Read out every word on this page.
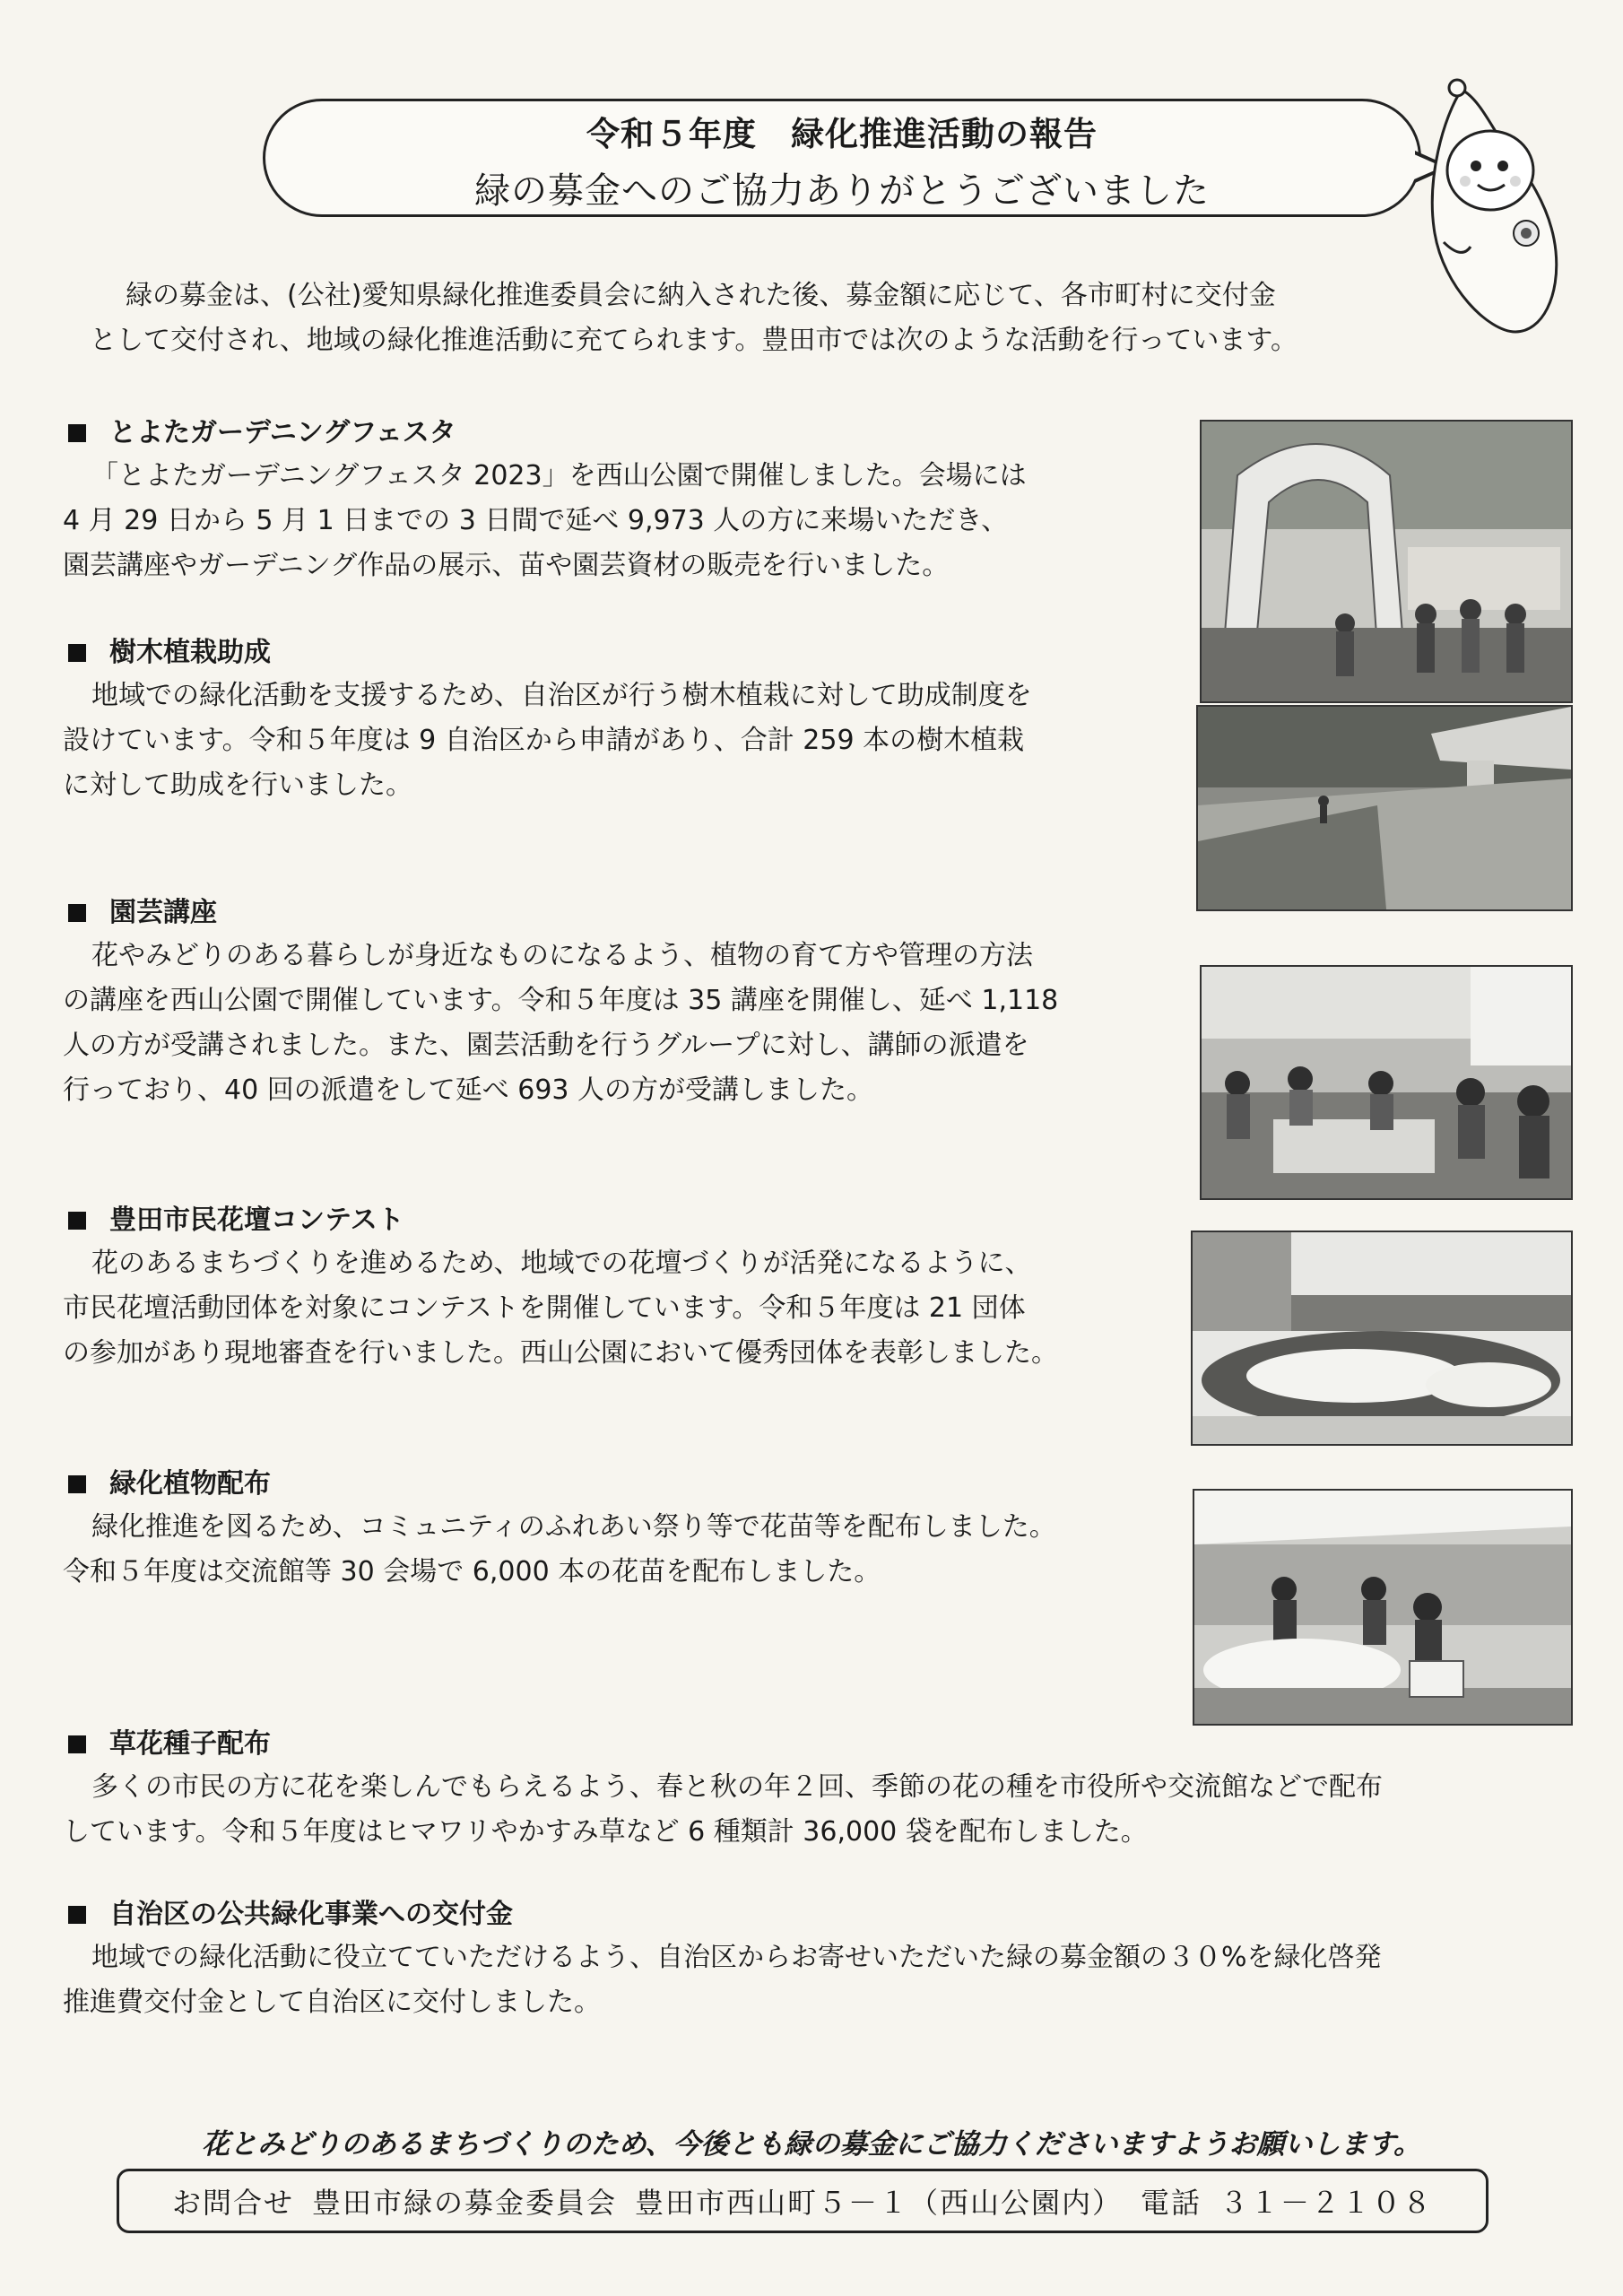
令和５年度　緑化推進活動の報告
緑の募金へのご協力ありがとうございました

緑の募金は、(公社)愛知県緑化推進委員会に納入された後、募金額に応じて、各市町村に交付金

として交付され、地域の緑化推進活動に充てられます。豊田市では次のような活動を行っています。

とよたガーデニングフェスタ

「とよたガーデニングフェスタ 2023」を西山公園で開催しました。会場には

4 月 29 日から 5 月 1 日までの 3 日間で延べ 9,973 人の方に来場いただき、

園芸講座やガーデニング作品の展示、苗や園芸資材の販売を行いました。

樹木植栽助成

地域での緑化活動を支援するため、自治区が行う樹木植栽に対して助成制度を

設けています。令和５年度は 9 自治区から申請があり、合計 259 本の樹木植栽

に対して助成を行いました。

園芸講座

花やみどりのある暮らしが身近なものになるよう、植物の育て方や管理の方法

の講座を西山公園で開催しています。令和５年度は 35 講座を開催し、延べ 1,118

人の方が受講されました。また、園芸活動を行うグループに対し、講師の派遣を

行っており、40 回の派遣をして延べ 693 人の方が受講しました。

豊田市民花壇コンテスト

花のあるまちづくりを進めるため、地域での花壇づくりが活発になるように、

市民花壇活動団体を対象にコンテストを開催しています。令和５年度は 21 団体

の参加があり現地審査を行いました。西山公園において優秀団体を表彰しました。

緑化植物配布

緑化推進を図るため、コミュニティのふれあい祭り等で花苗等を配布しました。

令和５年度は交流館等 30 会場で 6,000 本の花苗を配布しました。

草花種子配布

多くの市民の方に花を楽しんでもらえるよう、春と秋の年２回、季節の花の種を市役所や交流館などで配布

しています。令和５年度はヒマワリやかすみ草など 6 種類計 36,000 袋を配布しました。

自治区の公共緑化事業への交付金

地域での緑化活動に役立てていただけるよう、自治区からお寄せいただいた緑の募金額の３０%を緑化啓発

推進費交付金として自治区に交付しました。

花とみどりのあるまちづくりのため、今後とも緑の募金にご協力くださいますようお願いします。
お問合せ 豊田市緑の募金委員会 豊田市西山町５－１（西山公園内） 電話 ３１－２１０８
